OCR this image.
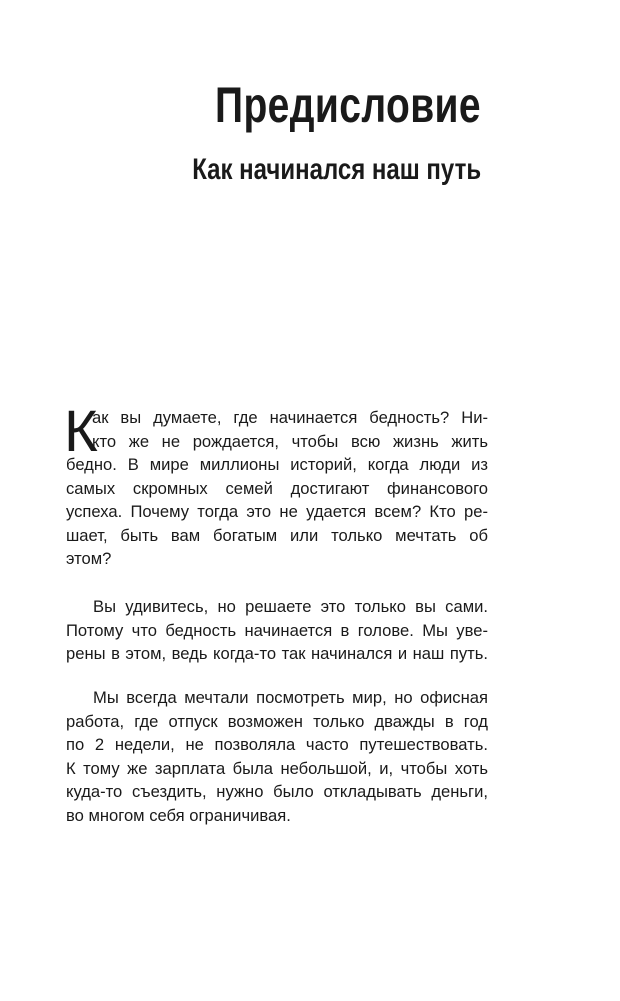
Предисловие
Как начинался наш путь
К
ак вы думаете, где начинается бедность? Ни-
кто же не рождается, чтобы всю жизнь жить
бедно. В мире миллионы историй, когда люди из
самых скромных семей достигают финансового
успеха. Почему тогда это не удается всем? Кто ре-
шает, быть вам богатым или только мечтать об
этом?
Вы удивитесь, но решаете это только вы сами.
Потому что бедность начинается в голове. Мы уве-
рены в этом, ведь когда-то так начинался и наш путь.
Мы всегда мечтали посмотреть мир, но офисная
работа, где отпуск возможен только дважды в год
по 2 недели, не позволяла часто путешествовать.
К тому же зарплата была небольшой, и, чтобы хоть
куда-то съездить, нужно было откладывать деньги,
во многом себя ограничивая.
